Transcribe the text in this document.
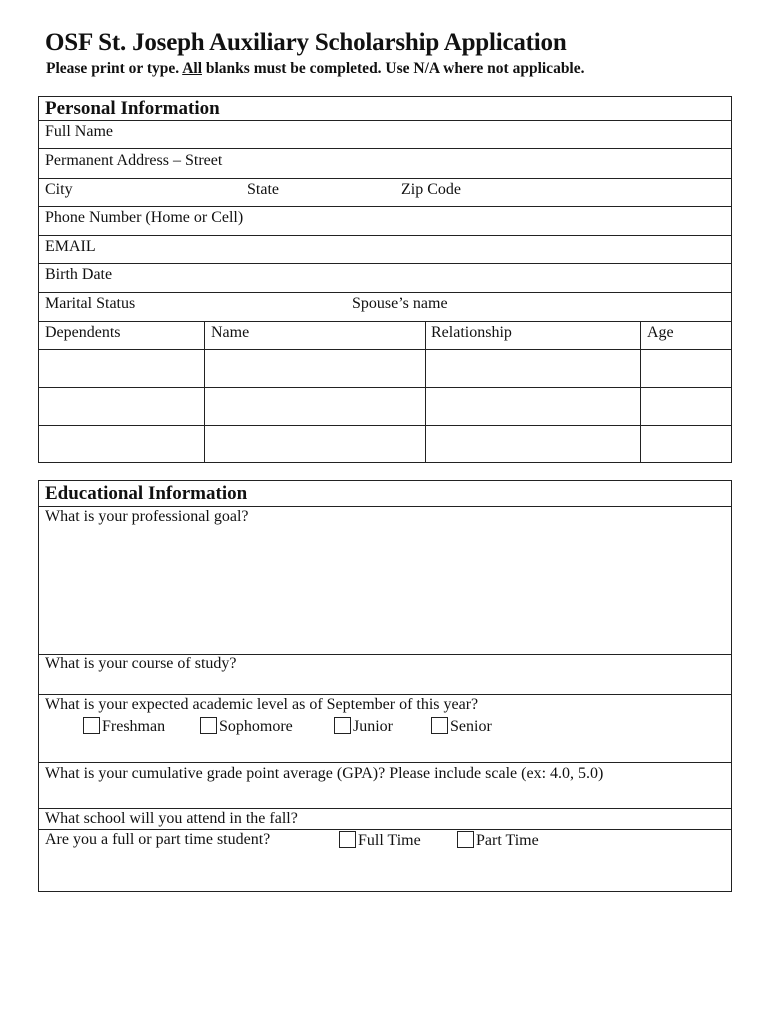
OSF St. Joseph Auxiliary Scholarship Application
Please print or type. All blanks must be completed. Use N/A where not applicable.
Personal Information
Full Name
Permanent Address – Street
City	State	Zip Code
Phone Number (Home or Cell)
EMAIL
Birth Date
Marital Status	Spouse’s name
Dependents	Name	Relationship	Age
Educational Information
What is your professional goal?
What is your course of study?
What is your expected academic level as of September of this year?
Freshman	Sophomore	Junior	Senior
What is your cumulative grade point average (GPA)? Please include scale (ex: 4.0, 5.0)
What school will you attend in the fall?
Are you a full or part time student?	Full Time	Part Time
